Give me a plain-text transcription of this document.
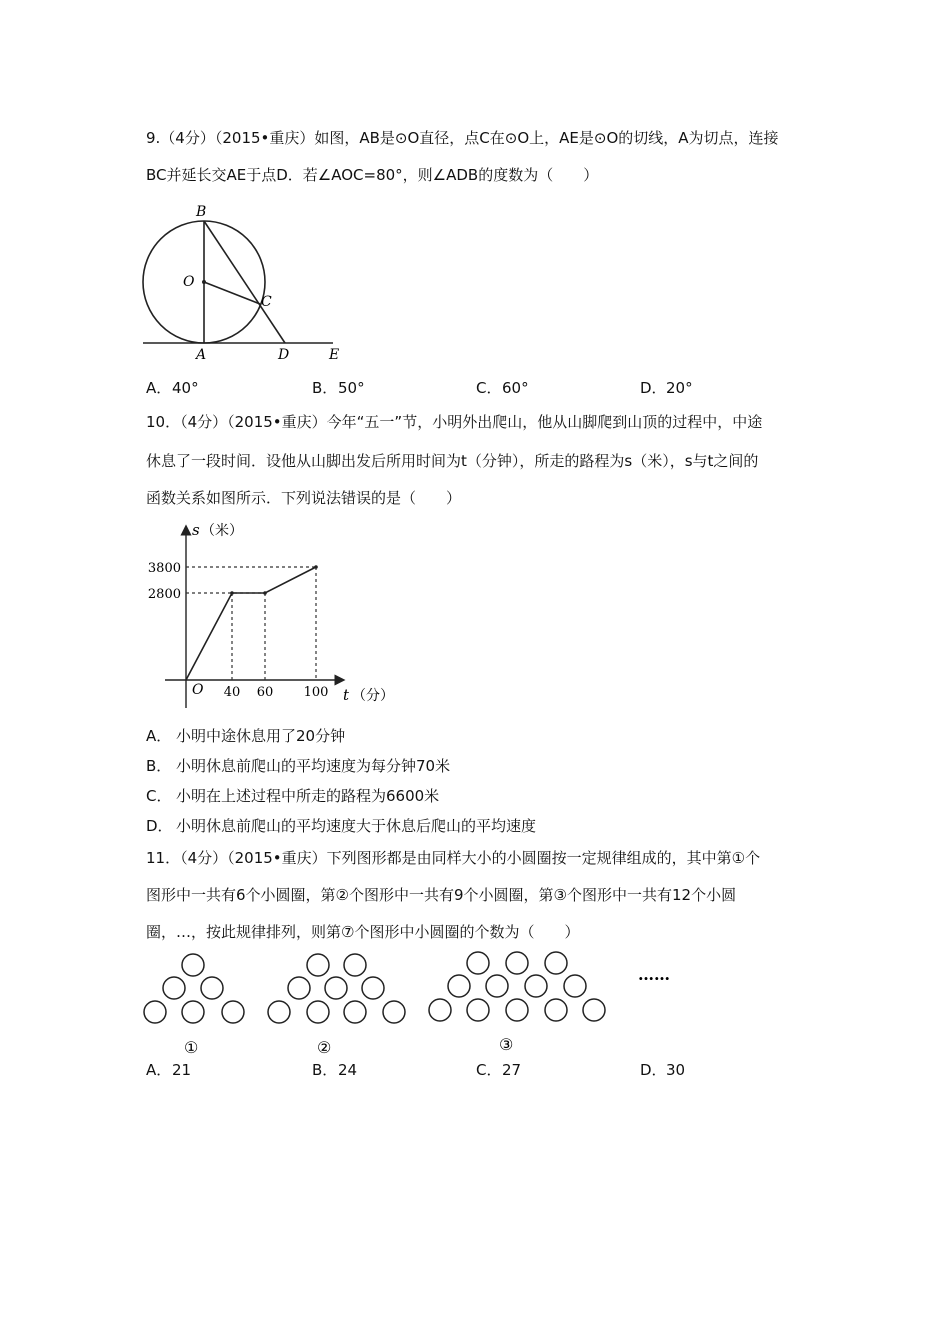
9.（4分）（2015•重庆）如图，AB是⊙O直径，点C在⊙O上，AE是⊙O的切线，A为切点，连接
BC并延长交AE于点D．若∠AOC=80°，则∠ADB的度数为（　　）
B
O
C
A	D	E
A．40°	B．50°	C．60°	D．20°
10．（4分）（2015•重庆）今年“五一”节，小明外出爬山，他从山脚爬到山顶的过程中，中途
休息了一段时间．设他从山脚出发后所用时间为t（分钟），所走的路程为s（米），s与t之间的
函数关系如图所示．下列说法错误的是（　　）
40 60 100
3800
2800
s （米）
t （分）
O
A． 小明中途休息用了20分钟
B． 小明休息前爬山的平均速度为每分钟70米
C． 小明在上述过程中所走的路程为6600米
D． 小明休息前爬山的平均速度大于休息后爬山的平均速度
11．（4分）（2015•重庆）下列图形都是由同样大小的小圆圈按一定规律组成的，其中第①个
图形中一共有6个小圆圈，第②个图形中一共有9个小圆圈，第③个图形中一共有12个小圆
圈，…，按此规律排列，则第⑦个图形中小圆圈的个数为（　　）
①	②	③
……
A．21	B．24	C．27	D．30
